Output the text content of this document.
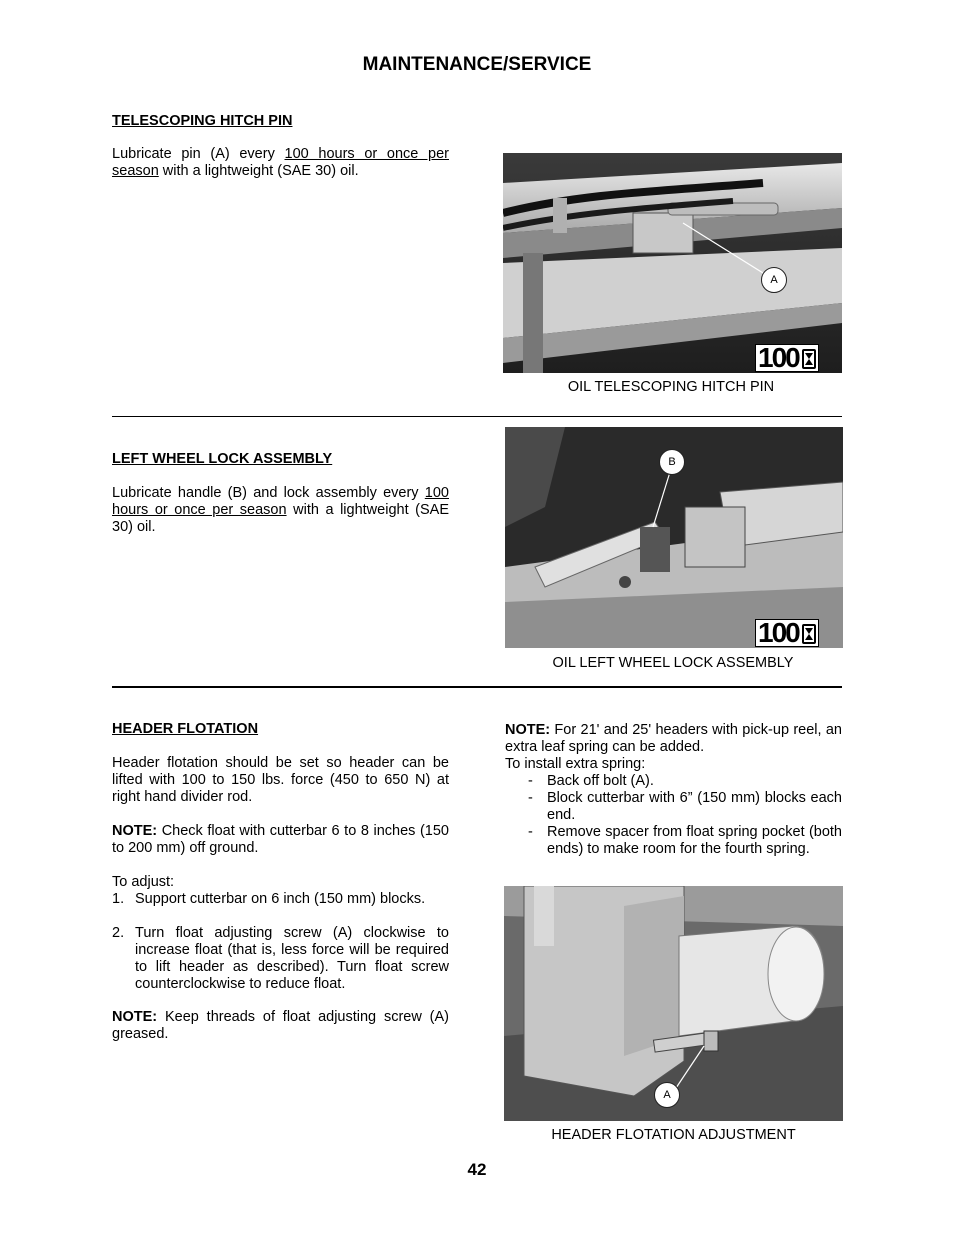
MAINTENANCE/SERVICE
TELESCOPING HITCH PIN
Lubricate pin (A) every 100 hours or once per season with a lightweight (SAE 30) oil.
A
100
OIL TELESCOPING HITCH PIN
LEFT WHEEL LOCK ASSEMBLY
Lubricate handle (B) and lock assembly every 100 hours or once per season with a lightweight (SAE 30) oil.
B
100
OIL LEFT WHEEL LOCK ASSEMBLY
HEADER FLOTATION
Header flotation should be set so header can be lifted with 100 to 150 lbs. force (450 to 650 N) at right hand divider rod.
NOTE: Check float with cutterbar 6 to 8 inches (150 to 200 mm) off ground.
To adjust:
1. Support cutterbar on 6 inch (150 mm) blocks.
2. Turn float adjusting screw (A) clockwise to increase float (that is, less force will be required to lift header as described). Turn float screw counterclockwise to reduce float.
NOTE: Keep threads of float adjusting screw (A) greased.
NOTE: For 21' and 25' headers with pick-up reel, an extra leaf spring can be added.
To install extra spring:
- Back off bolt (A).
- Block cutterbar with 6” (150 mm) blocks each end.
- Remove spacer from float spring pocket (both ends) to make room for the fourth spring.
A
HEADER FLOTATION ADJUSTMENT
42
